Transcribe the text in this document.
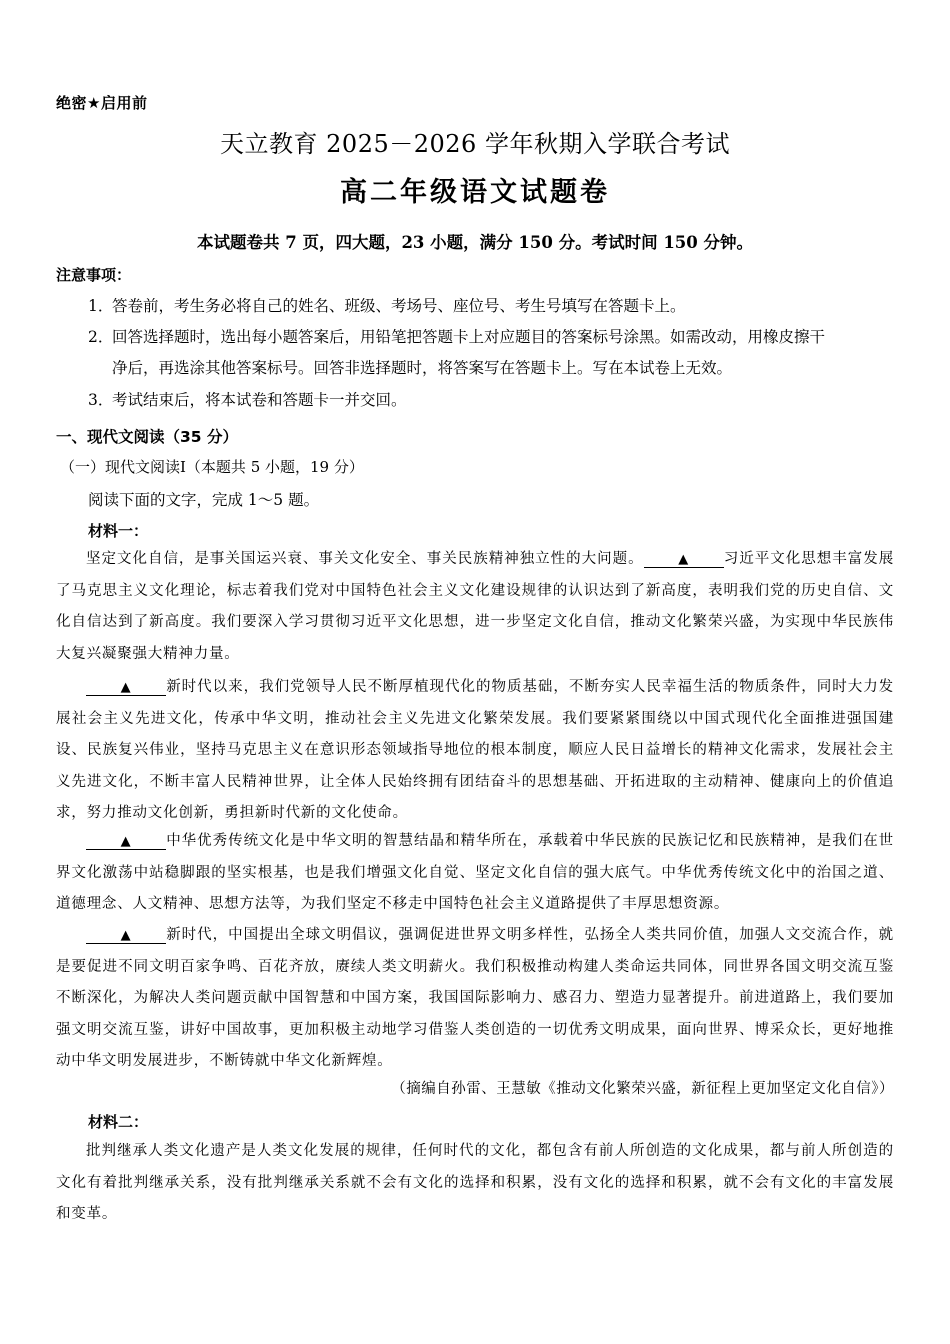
绝密★启用前
天立教育 2025－2026 学年秋期入学联合考试
高二年级语文试题卷
本试题卷共 7 页，四大题，23 小题，满分 150 分。考试时间 150 分钟。
注意事项：
1．答卷前，考生务必将自己的姓名、班级、考场号、座位号、考生号填写在答题卡上。
2．回答选择题时，选出每小题答案后，用铅笔把答题卡上对应题目的答案标号涂黑。如需改动，用橡皮擦干
净后，再选涂其他答案标号。回答非选择题时，将答案写在答题卡上。写在本试卷上无效。
3．考试结束后，将本试卷和答题卡一并交回。
一、现代文阅读（35 分）
（一）现代文阅读Ⅰ（本题共 5 小题，19 分）
阅读下面的文字，完成 1～5 题。
材料一：
坚定文化自信，是事关国运兴衰、事关文化安全、事关民族精神独立性的大问题。	▲ 习近平文化思想丰富发展了马克思主义文化理论，标志着我们党对中国特色社会主义文化建设规律的认识达到了新高度，表明我们党的历史自信、文化自信达到了新高度。我们要深入学习贯彻习近平文化思想，进一步坚定文化自信，推动文化繁荣兴盛，为实现中华民族伟大复兴凝聚强大精神力量。
▲ 新时代以来，我们党领导人民不断厚植现代化的物质基础，不断夯实人民幸福生活的物质条件，同时大力发展社会主义先进文化，传承中华文明，推动社会主义先进文化繁荣发展。我们要紧紧围绕以中国式现代化全面推进强国建设、民族复兴伟业，坚持马克思主义在意识形态领域指导地位的根本制度，顺应人民日益增长的精神文化需求，发展社会主义先进文化，不断丰富人民精神世界，让全体人民始终拥有团结奋斗的思想基础、开拓进取的主动精神、健康向上的价值追求，努力推动文化创新，勇担新时代新的文化使命。
▲ 中华优秀传统文化是中华文明的智慧结晶和精华所在，承载着中华民族的民族记忆和民族精神，是我们在世界文化激荡中站稳脚跟的坚实根基，也是我们增强文化自觉、坚定文化自信的强大底气。中华优秀传统文化中的治国之道、道德理念、人文精神、思想方法等，为我们坚定不移走中国特色社会主义道路提供了丰厚思想资源。
▲ 新时代，中国提出全球文明倡议，强调促进世界文明多样性，弘扬全人类共同价值，加强人文交流合作，就是要促进不同文明百家争鸣、百花齐放，赓续人类文明薪火。我们积极推动构建人类命运共同体，同世界各国文明交流互鉴不断深化，为解决人类问题贡献中国智慧和中国方案，我国国际影响力、感召力、塑造力显著提升。前进道路上，我们要加强文明交流互鉴，讲好中国故事，更加积极主动地学习借鉴人类创造的一切优秀文明成果，面向世界、博采众长，更好地推动中华文明发展进步，不断铸就中华文化新辉煌。
（摘编自孙雷、王慧敏《推动文化繁荣兴盛，新征程上更加坚定文化自信》）
材料二：
批判继承人类文化遗产是人类文化发展的规律，任何时代的文化，都包含有前人所创造的文化成果，都与前人所创造的文化有着批判继承关系，没有批判继承关系就不会有文化的选择和积累，没有文化的选择和积累，就不会有文化的丰富发展和变革。
